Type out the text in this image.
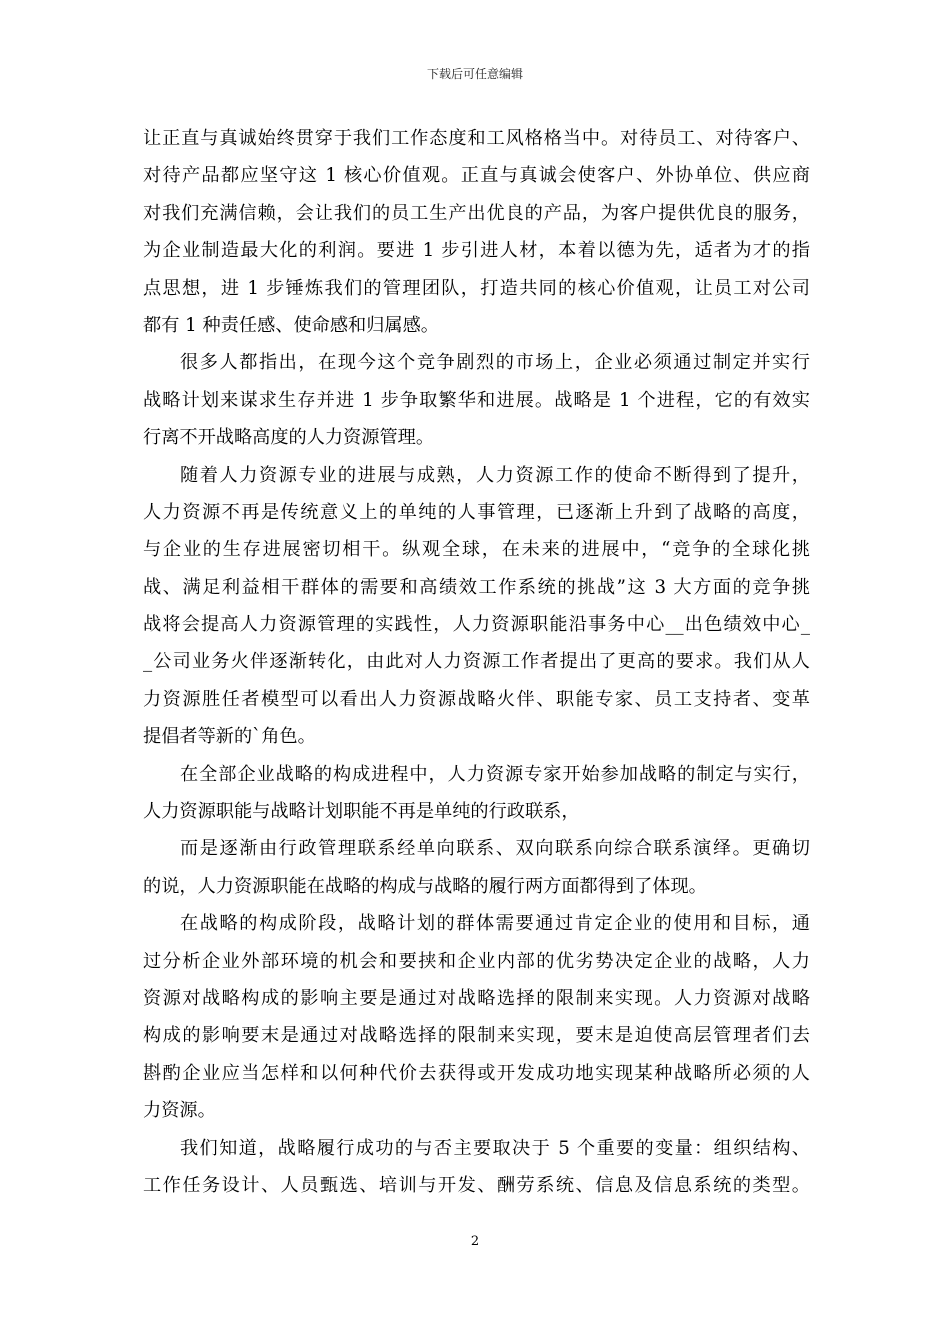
下载后可任意编辑
让正直与真诚始终贯穿于我们工作态度和工风格格当中。对待员工、对待客户、
对待产品都应坚守这 1 核心价值观。正直与真诚会使客户、外协单位、供应商
对我们充满信赖，会让我们的员工生产出优良的产品，为客户提供优良的服务，
为企业制造最大化的利润。要进 1 步引进人材，本着以德为先，适者为才的指
点思想，进 1 步锤炼我们的管理团队，打造共同的核心价值观，让员工对公司
都有 1 种责任感、使命感和归属感。
很多人都指出，在现今这个竞争剧烈的市场上，企业必须通过制定并实行
战略计划来谋求生存并进 1 步争取繁华和进展。战略是 1 个进程，它的有效实
行离不开战略高度的人力资源管理。
随着人力资源专业的进展与成熟，人力资源工作的使命不断得到了提升，
人力资源不再是传统意义上的单纯的人事管理，已逐渐上升到了战略的高度，
与企业的生存进展密切相干。纵观全球，在未来的进展中，“竞争的全球化挑
战、满足利益相干群体的需要和高绩效工作系统的挑战”这 3 大方面的竞争挑
战将会提高人力资源管理的实践性，人力资源职能沿事务中心__出色绩效中心_
_公司业务火伴逐渐转化，由此对人力资源工作者提出了更高的要求。我们从人
力资源胜任者模型可以看出人力资源战略火伴、职能专家、员工支持者、变革
提倡者等新的`角色。
在全部企业战略的构成进程中，人力资源专家开始参加战略的制定与实行，
人力资源职能与战略计划职能不再是单纯的行政联系，
而是逐渐由行政管理联系经单向联系、双向联系向综合联系演绎。更确切
的说，人力资源职能在战略的构成与战略的履行两方面都得到了体现。
在战略的构成阶段，战略计划的群体需要通过肯定企业的使用和目标，通
过分析企业外部环境的机会和要挟和企业内部的优劣势决定企业的战略，人力
资源对战略构成的影响主要是通过对战略选择的限制来实现。人力资源对战略
构成的影响要末是通过对战略选择的限制来实现，要末是迫使高层管理者们去
斟酌企业应当怎样和以何种代价去获得或开发成功地实现某种战略所必须的人
力资源。
我们知道，战略履行成功的与否主要取决于 5 个重要的变量：组织结构、
工作任务设计、人员甄选、培训与开发、酬劳系统、信息及信息系统的类型。
2
